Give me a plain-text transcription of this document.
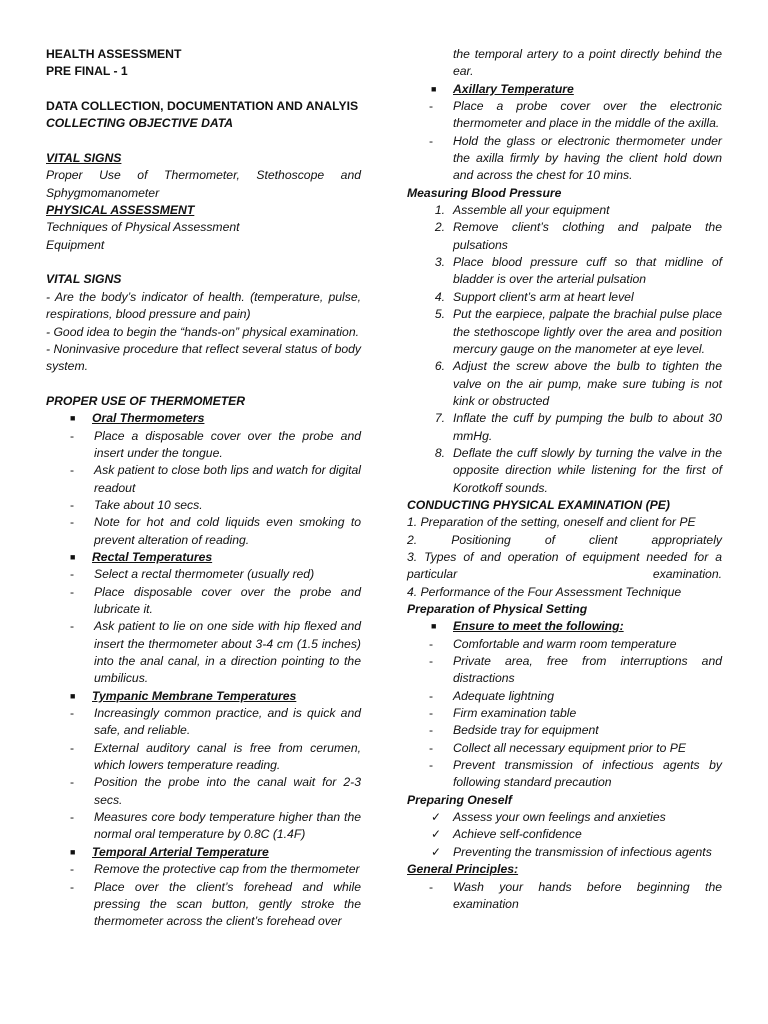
HEALTH ASSESSMENT

PRE FINAL - 1

DATA COLLECTION, DOCUMENTATION AND ANALYIS

COLLECTING OBJECTIVE DATA

VITAL SIGNS

Proper Use of Thermometer, Stethoscope and Sphygmomanometer

PHYSICAL ASSESSMENT

Techniques of Physical Assessment

Equipment

VITAL SIGNS

- Are the body’s indicator of health. (temperature, pulse, respirations, blood pressure and pain)

- Good idea to begin the “hands-on” physical examination.

- Noninvasive procedure that reflect several status of body system.

PROPER USE OF THERMOMETER

■	Oral Thermometers
-	Place a disposable cover over the probe and insert under the tongue.
-	Ask patient to close both lips and watch for digital readout
-	Take about 10 secs.
-	Note for hot and cold liquids even smoking to prevent alteration of reading.
■	Rectal Temperatures
-	Select a rectal thermometer (usually red)
-	Place disposable cover over the probe and lubricate it.
-	Ask patient to lie on one side with hip flexed and insert the thermometer about 3-4 cm (1.5 inches) into the anal canal, in a direction pointing to the umbilicus.
■	Tympanic Membrane Temperatures
-	Increasingly common practice, and is quick and safe, and reliable.
-	External auditory canal is free from cerumen, which lowers temperature reading.
-	Position the probe into the canal wait for 2-3 secs.
-	Measures core body temperature higher than the normal oral temperature by 0.8C (1.4F)
■	Temporal Arterial Temperature
-	Remove the protective cap from the thermometer
-	Place over the client’s forehead and while pressing the scan button, gently stroke the thermometer across the client’s forehead over

the temporal artery to a point directly behind the ear.

■	Axillary Temperature
-	Place a probe cover over the electronic thermometer and place in the middle of the axilla.
-	Hold the glass or electronic thermometer under the axilla firmly by having the client hold down and across the chest for 10 mins.

Measuring Blood Pressure

1. Assemble all your equipment
2. Remove client’s clothing and palpate the pulsations
3. Place blood pressure cuff so that midline of bladder is over the arterial pulsation
4. Support client’s arm at heart level
5. Put the earpiece, palpate the brachial pulse place the stethoscope lightly over the area and position mercury gauge on the manometer at eye level.
6. Adjust the screw above the bulb to tighten the valve on the air pump, make sure tubing is not kink or obstructed
7. Inflate the cuff by pumping the bulb to about 30 mmHg.
8. Deflate the cuff slowly by turning the valve in the opposite direction while listening for the first of Korotkoff sounds.

CONDUCTING PHYSICAL EXAMINATION (PE)

1. Preparation of the setting, oneself and client for PE

2. Positioning of client appropriately

3. Types of and operation of equipment needed for a particular examination.

4. Performance of the Four Assessment Technique

Preparation of Physical Setting

■	Ensure to meet the following:
-	Comfortable and warm room temperature
-	Private area, free from interruptions and distractions
-	Adequate lightning
-	Firm examination table
-	Bedside tray for equipment
-	Collect all necessary equipment prior to PE
-	Prevent transmission of infectious agents by following standard precaution

Preparing Oneself

✓ Assess your own feelings and anxieties
✓ Achieve self-confidence
✓ Preventing the transmission of infectious agents

General Principles:

-	Wash your hands before beginning the examination
